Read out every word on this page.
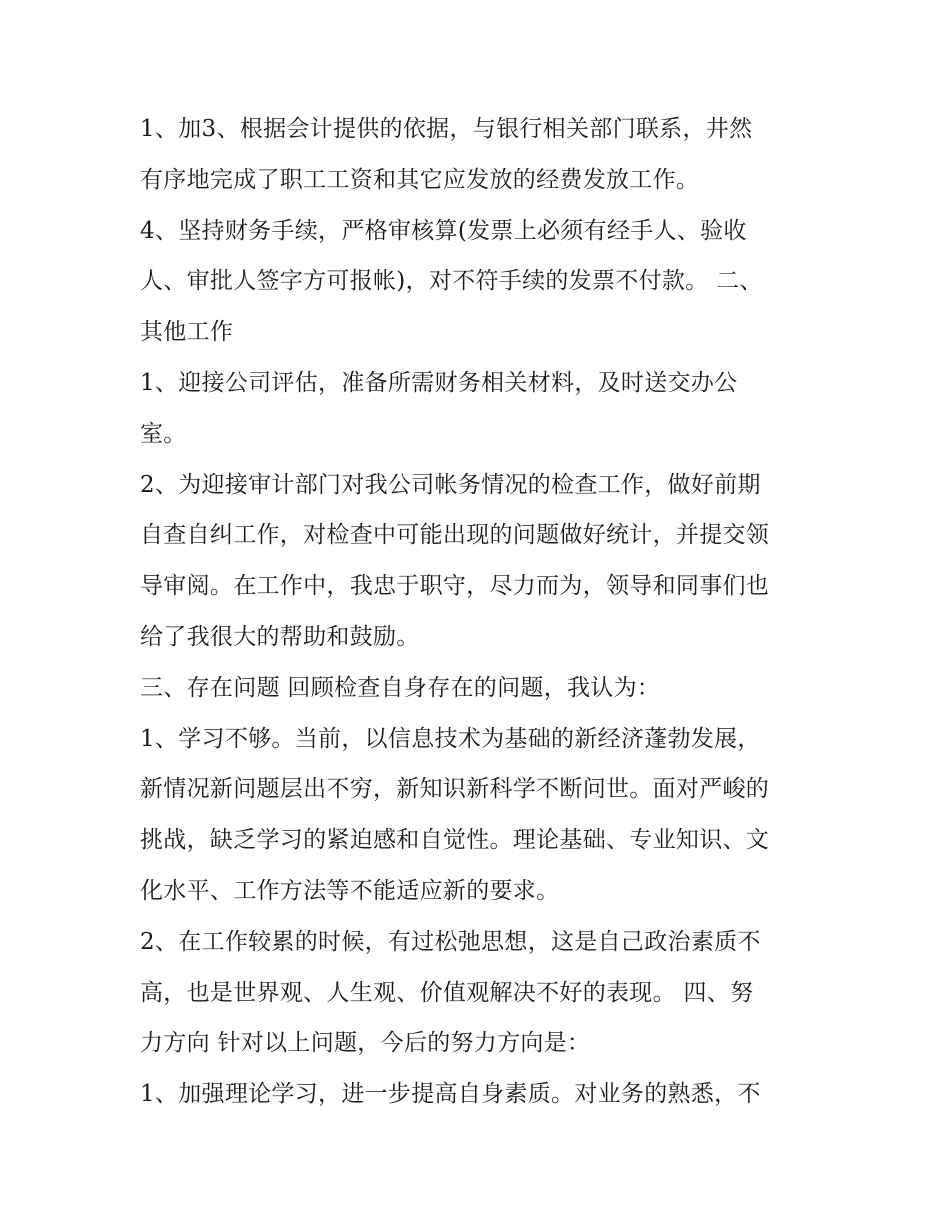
1、加3、根据会计提供的依据，与银行相关部门联系，井然
有序地完成了职工工资和其它应发放的经费发放工作。
4、坚持财务手续，严格审核算(发票上必须有经手人、验收
人、审批人签字方可报帐)，对不符手续的发票不付款。 二、
其他工作
1、迎接公司评估，准备所需财务相关材料，及时送交办公
室。
2、为迎接审计部门对我公司帐务情况的检查工作，做好前期
自查自纠工作，对检查中可能出现的问题做好统计，并提交领
导审阅。在工作中，我忠于职守，尽力而为，领导和同事们也
给了我很大的帮助和鼓励。
三、存在问题 回顾检查自身存在的问题，我认为：
1、学习不够。当前，以信息技术为基础的新经济蓬勃发展，
新情况新问题层出不穷，新知识新科学不断问世。面对严峻的
挑战，缺乏学习的紧迫感和自觉性。理论基础、专业知识、文
化水平、工作方法等不能适应新的要求。
2、在工作较累的时候，有过松弛思想，这是自己政治素质不
高，也是世界观、人生观、价值观解决不好的表现。 四、努
力方向 针对以上问题，今后的努力方向是：
1、加强理论学习，进一步提高自身素质。对业务的熟悉，不
